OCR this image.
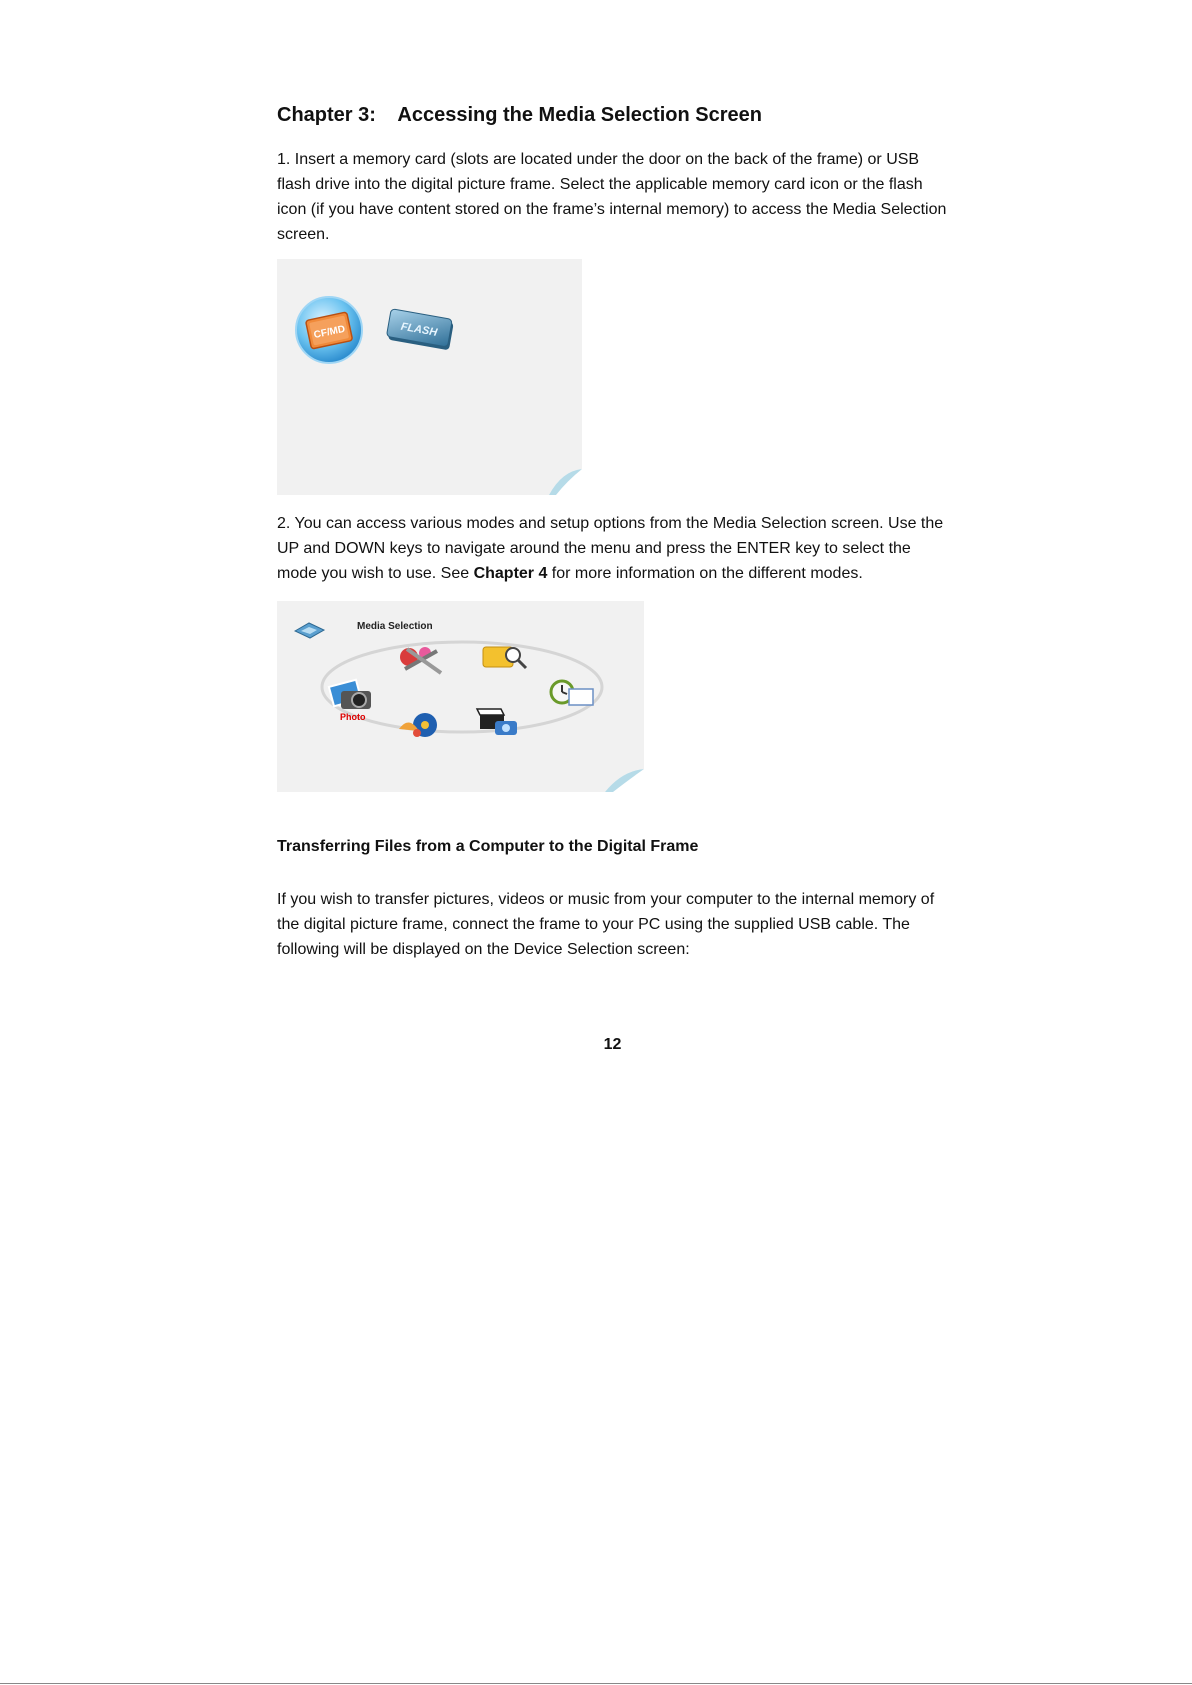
Chapter 3:    Accessing the Media Selection Screen

1. Insert a memory card (slots are located under the door on the back of the frame) or USB flash drive into the digital picture frame. Select the applicable memory card icon or the flash icon (if you have content stored on the frame’s internal memory) to access the Media Selection screen.

CF/MD	FLASH

2. You can access various modes and setup options from the Media Selection screen. Use the UP and DOWN keys to navigate around the menu and press the ENTER key to select the mode you wish to use. See Chapter 4 for more information on the different modes.

Media Selection
Photo

Transferring Files from a Computer to the Digital Frame

If you wish to transfer pictures, videos or music from your computer to the internal memory of the digital picture frame, connect the frame to your PC using the supplied USB cable. The following will be displayed on the Device Selection screen:

12
